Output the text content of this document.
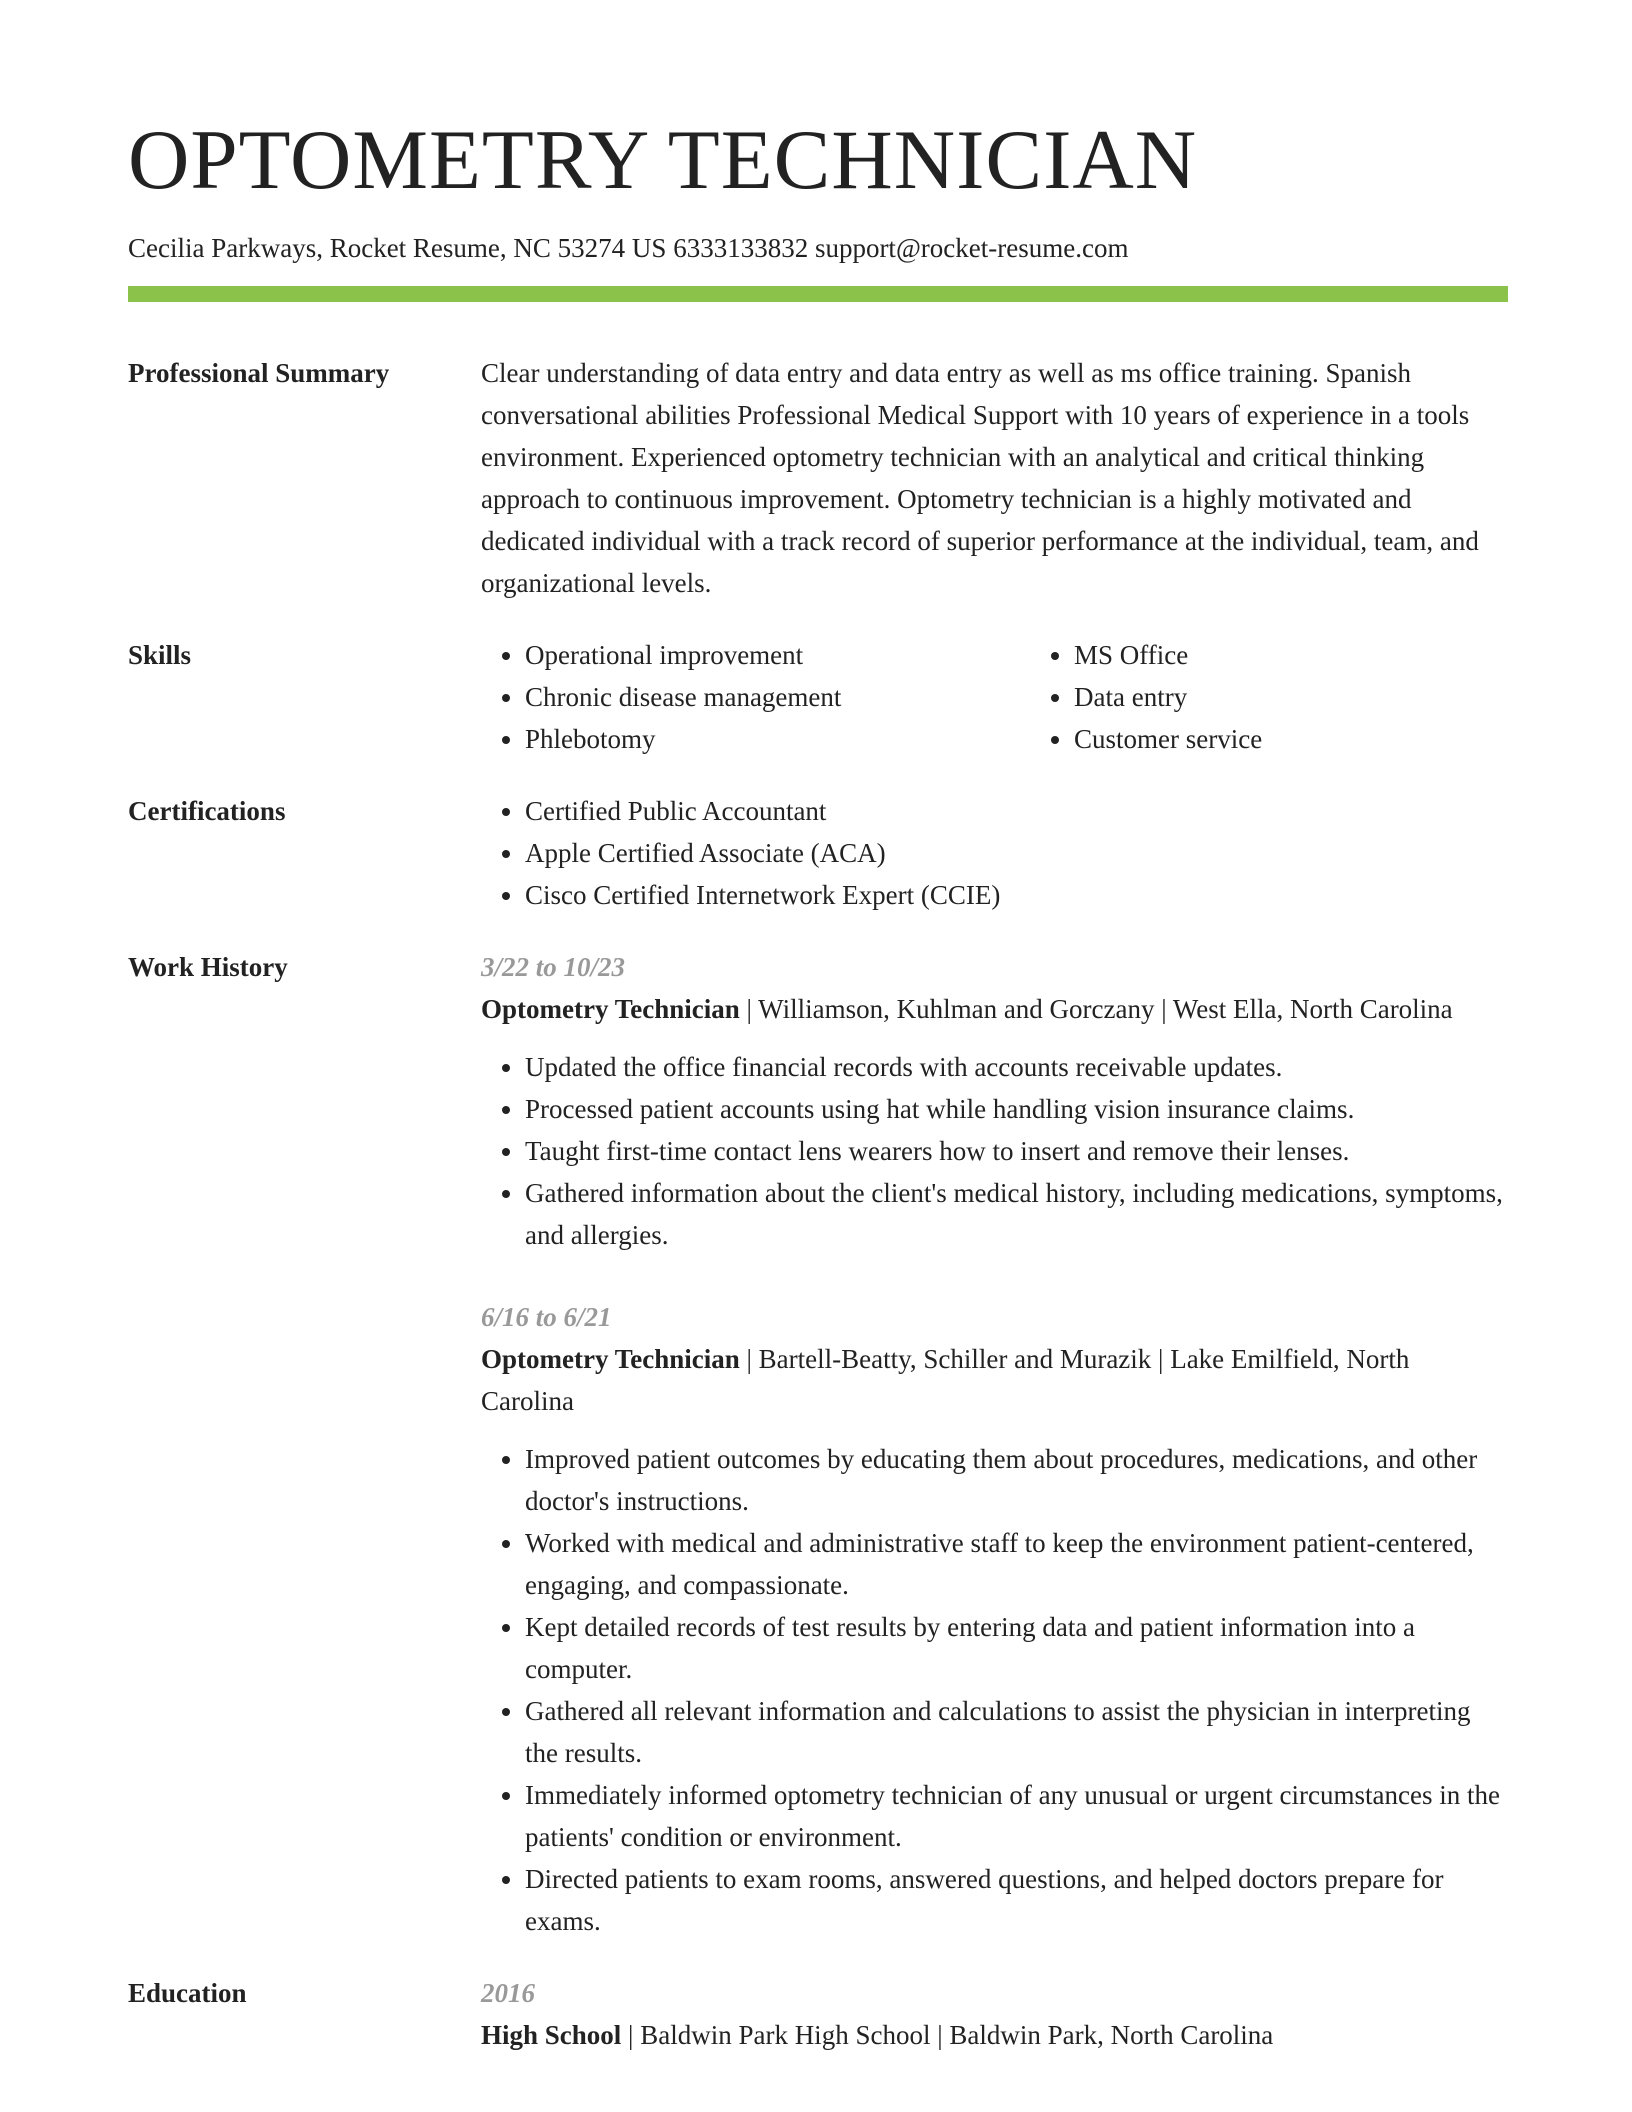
OPTOMETRY TECHNICIAN
Cecilia Parkways, Rocket Resume, NC 53274 US 6333133832 support@rocket-resume.com
Professional Summary	Clear understanding of data entry and data entry as well as ms office training. Spanish conversational abilities Professional Medical Support with 10 years of experience in a tools environment. Experienced optometry technician with an analytical and critical thinking approach to continuous improvement. Optometry technician is a highly motivated and dedicated individual with a track record of superior performance at the individual, team, and organizational levels.

Skills	• Operational improvement
• Chronic disease management
• Phlebotomy
• MS Office
• Data entry
• Customer service
Certifications	• Certified Public Accountant
• Apple Certified Associate (ACA)
• Cisco Certified Internetwork Expert (CCIE)
Work History	3/22 to 10/23
Optometry Technician | Williamson, Kuhlman and Gorczany | West Ella, North Carolina
• Updated the office financial records with accounts receivable updates.
• Processed patient accounts using hat while handling vision insurance claims.
• Taught first-time contact lens wearers how to insert and remove their lenses.
• Gathered information about the client's medical history, including medications, symptoms, and allergies.
6/16 to 6/21
Optometry Technician | Bartell-Beatty, Schiller and Murazik | Lake Emilfield, North Carolina
• Improved patient outcomes by educating them about procedures, medications, and other doctor's instructions.
• Worked with medical and administrative staff to keep the environment patient-centered, engaging, and compassionate.
• Kept detailed records of test results by entering data and patient information into a computer.
• Gathered all relevant information and calculations to assist the physician in interpreting the results.
• Immediately informed optometry technician of any unusual or urgent circumstances in the patients' condition or environment.
• Directed patients to exam rooms, answered questions, and helped doctors prepare for exams.
Education	2016
High School | Baldwin Park High School | Baldwin Park, North Carolina
